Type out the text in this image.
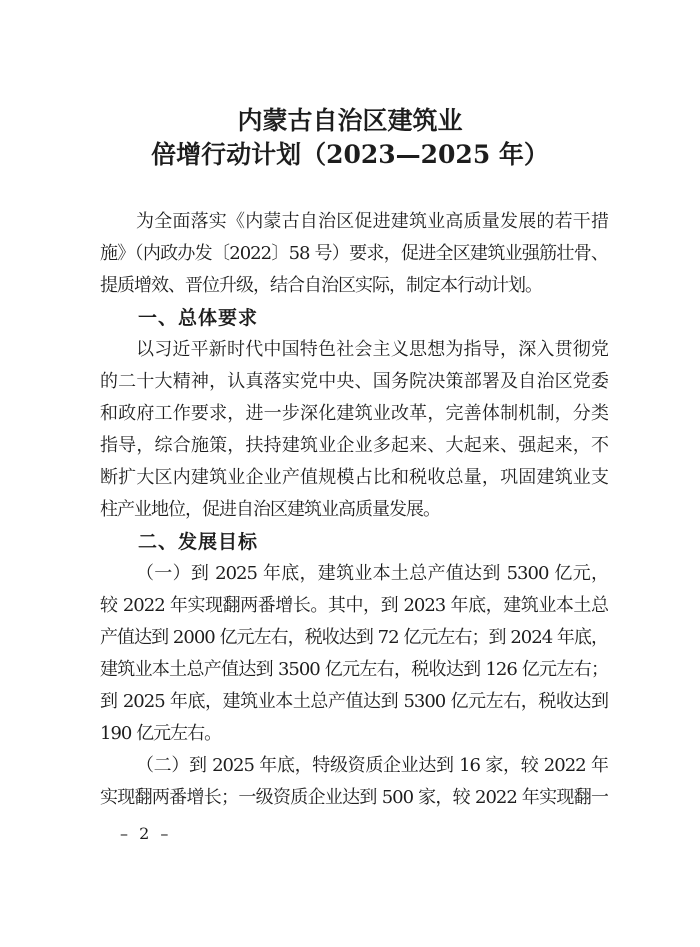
内蒙古自治区建筑业
倍增行动计划（2023—2025 年）
为全面落实《内蒙古自治区促进建筑业高质量发展的若干措
施》（内政办发〔2022〕58 号）要求，促进全区建筑业强筋壮骨、
提质增效、晋位升级，结合自治区实际，制定本行动计划。
一、总体要求
以习近平新时代中国特色社会主义思想为指导，深入贯彻党
的二十大精神，认真落实党中央、国务院决策部署及自治区党委
和政府工作要求，进一步深化建筑业改革，完善体制机制，分类
指导，综合施策，扶持建筑业企业多起来、大起来、强起来，不
断扩大区内建筑业企业产值规模占比和税收总量，巩固建筑业支
柱产业地位，促进自治区建筑业高质量发展。
二、发展目标
（一）到 2025 年底，建筑业本土总产值达到 5300 亿元，
较 2022 年实现翻两番增长。其中，到 2023 年底，建筑业本土总
产值达到 2000 亿元左右，税收达到 72 亿元左右；到 2024 年底，
建筑业本土总产值达到 3500 亿元左右，税收达到 126 亿元左右；
到 2025 年底，建筑业本土总产值达到 5300 亿元左右，税收达到
190 亿元左右。
（二）到 2025 年底，特级资质企业达到 16 家，较 2022 年
实现翻两番增长；一级资质企业达到 500 家，较 2022 年实现翻一
– 2 –
